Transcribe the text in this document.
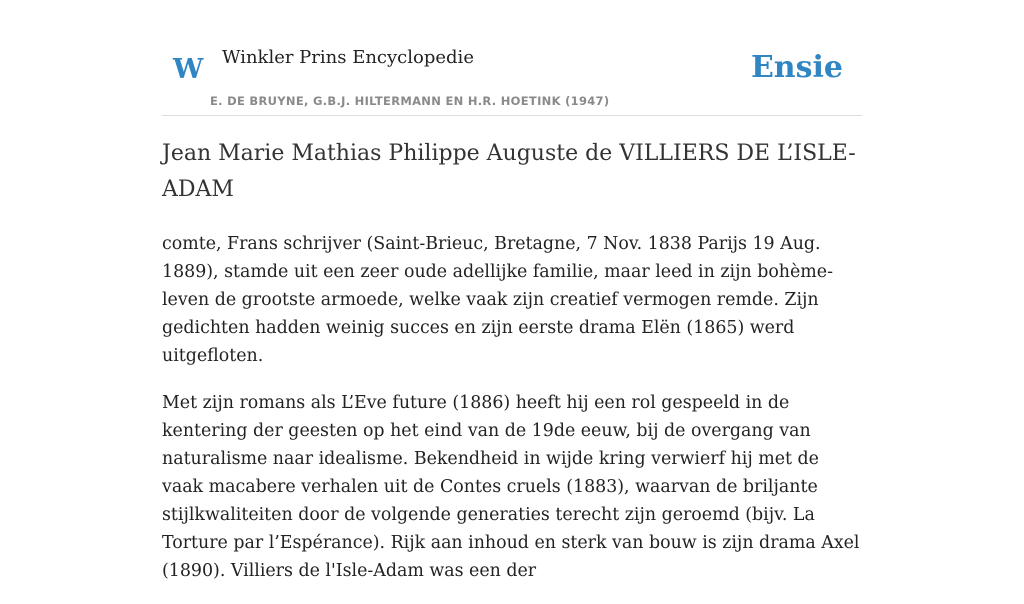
W Winkler Prins Encyclopedie
E. DE BRUYNE, G.B.J. HILTERMANN EN H.R. HOETINK (1947)
Ensie
Jean Marie Mathias Philippe Auguste de VILLIERS DE L’ISLE-ADAM

comte, Frans schrijver (Saint-Brieuc, Bretagne, 7 Nov. 1838 Parijs 19 Aug. 1889), stamde uit een zeer oude adellijke familie, maar leed in zijn bohème-leven de grootste armoede, welke vaak zijn creatief vermogen remde. Zijn gedichten hadden weinig succes en zijn eerste drama Elën (1865) werd uitgefloten.

Met zijn romans als L’Eve future (1886) heeft hij een rol gespeeld in de kentering der geesten op het eind van de 19de eeuw, bij de overgang van naturalisme naar idealisme. Bekendheid in wijde kring verwierf hij met de vaak macabere verhalen uit de Contes cruels (1883), waarvan de briljante stijlkwaliteiten door de volgende generaties terecht zijn geroemd (bijv. La Torture par l’Espérance). Rijk aan inhoud en sterk van bouw is zijn drama Axel (1890). Villiers de l'Isle-Adam was een der
